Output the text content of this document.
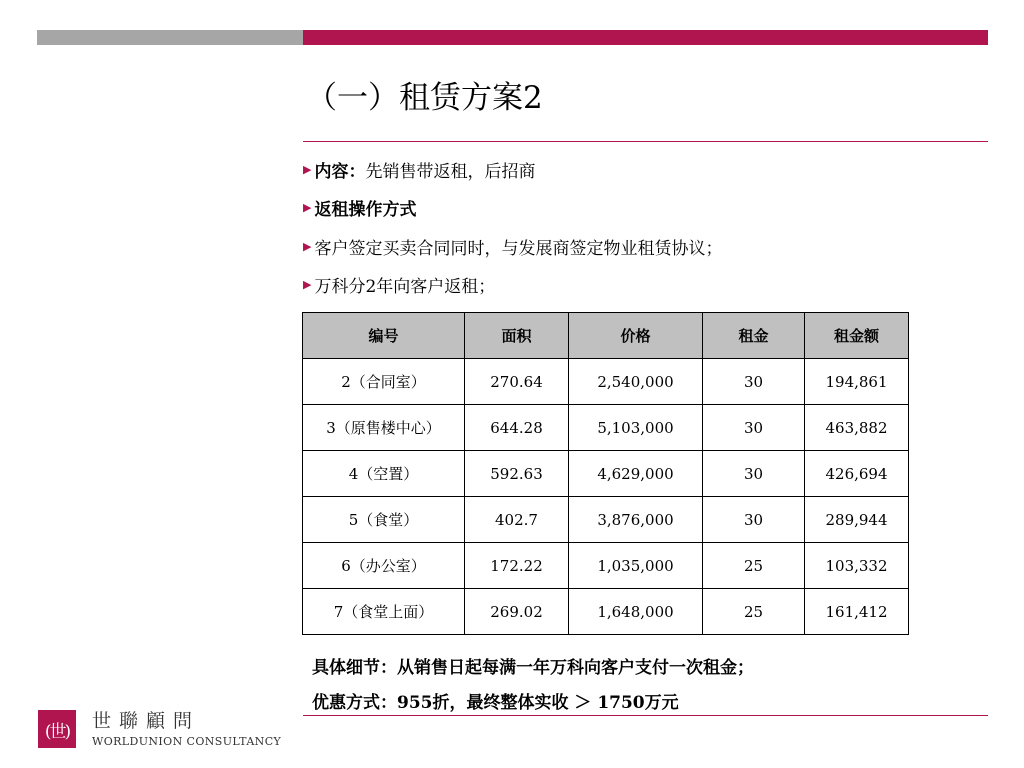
（一）租赁方案2
▶ 内容： 先销售带返租，后招商
▶ 返租操作方式
▶ 客户签定买卖合同同时，与发展商签定物业租赁协议；
▶ 万科分2年向客户返租；
编号	面积	价格	租金	租金额
2（合同室）	270.64	2,540,000	30	194,861
3（原售楼中心）	644.28	5,103,000	30	463,882
4（空置）	592.63	4,629,000	30	426,694
5（食堂）	402.7	3,876,000	30	289,944
6（办公室）	172.22	1,035,000	25	103,332
7（食堂上面）	269.02	1,648,000	25	161,412
具体细节：从销售日起每满一年万科向客户支付一次租金；
优惠方式：955折，最终整体实收 ＞ 1750万元
(世) 世聯顧問
WORLDUNION CONSULTANCY
